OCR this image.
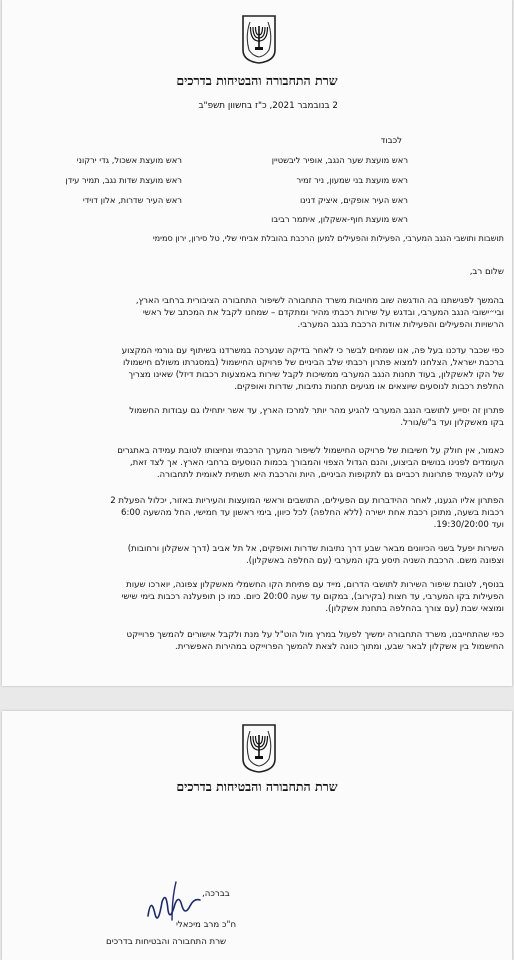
שרת התחבורה והבטיחות בדרכים
2 בנובמבר 2021, כ"ז בחשוון תשפ"ב
לכבוד
ראש מועצת שער הנגב, אופיר ליבשטיין
ראש מועצת אשכול, גדי ירקוני
ראש מועצת בני שמעון, ניר זמיר
ראש מועצת שדות נגב, תמיר עידן
ראש העיר אופקים, איציק דנינו
ראש העיר שדרות, אלון דוידי
ראש מועצת חוף-אשקלון, איתמר רביבו
תושבות ותושבי הנגב המערבי, הפעילות והפעילים למען הרכבת בהובלת אביחי שלי, טל סירון, ירון סמימי
שלום רב,
בהמשך לפגישתנו בה הודגשה שוב מחויבות משרד התחבורה לשיפור התחבורה הציבורית ברחבי הארץ,
ובי״ישובי הנגב המערבי, ובדגש על שירות רכבתי מהיר ומתקדם – שמחנו לקבל את המכתב של ראשי
הרשויות והפעילים והפעילות אודות הרכבת בנגב המערבי.
כפי שכבר עדכנו בעל פה, אנו שמחים לבשר כי לאחר בדיקה שנערכה במשרדנו בשיתוף עם גורמי המקצוע
ברכבת ישראל, הצלחנו למצוא פתרון רכבתי שלב הביניים של פרויקט החישמול (במסגרתו משולם חישמולו
של הקו לאשקלון, בעוד תחנות הנגב המערבי ממשיכות לקבל שירות באמצעות רכבות דיזל) שאינו מצריך
החלפת רכבות לנוסעים שיוצאים או מגיעים תחנות נתיבות, שדרות ואופקים.
פתרון זה יסייע לתושבי הנגב המערבי להגיע מהר יותר למרכז הארץ, עד אשר יתחילו גם עבודות החשמול
בקו מאשקלון ועד ב"ש/גורל.
כאמור, אין חולק על חשיבות של פרויקט החישמול לשיפור המערך הרכבתי ונחיצותו לטובת עמידה באתגרים
העומדים לפנינו בנושים הביצוע, והנם הגדול הצפוי והמבורך בכמות הנוסעים ברחבי הארץ. אך לצד זאת,
עלינו להעמיד פתרונות רכביים גם לתקופות הביניים, היות והרכבת היא תשתית לאומית לתחבורה.
הפתרון אליו הגענו, לאחר ההידברות עם הפעילים, התושבים וראשי המועצות והעיריות באזור, יכלול הפעלת 2
רכבות בשעה, מתוכן רכבת אחת ישירה (ללא החלפה) לכל כיוון, בימי ראשון עד חמישי, החל מהשעה 6:00
ועד 19:30/20:00.
השירות יפעל בשני הכיוונים מבאר שבע דרך נתיבות שדרות ואופקים, אל תל אביב (דרך אשקלון ורחובות)
וצפונה משם. הרכבת השניה תיסע בקו המערבי (עם החלפה באשקלון).
בנוסף, לטובת שיפור השירות לתושבי הדרום, מייד עם פתיחת הקו החשמלי מאשקלון צפונה, יוארכו שעות
הפעילות בקו המערבי, עד חצות (בקירוב), במקום עד שעה 20:00 כיום. כמו כן תופעלנה רכבות בימי שישי
ומוצאי שבת (עם צורך בהחלפה בתחנת אשקלון).
כפי שהתחייבנו, משרד התחבורה ימשיך לפעול במרץ מול הוט"ל על מנת ולקבל אישורים להמשך פרוייקט
החישמול בין אשקלון לבאר שבע, ומתוך כוונה לצאת להמשך הפרוייקט במהירות האפשרית.
שרת התחבורה והבטיחות בדרכים
בברכה,
ח"כ מרב מיכאלי
שרת התחבורה והבטיחות בדרכים
